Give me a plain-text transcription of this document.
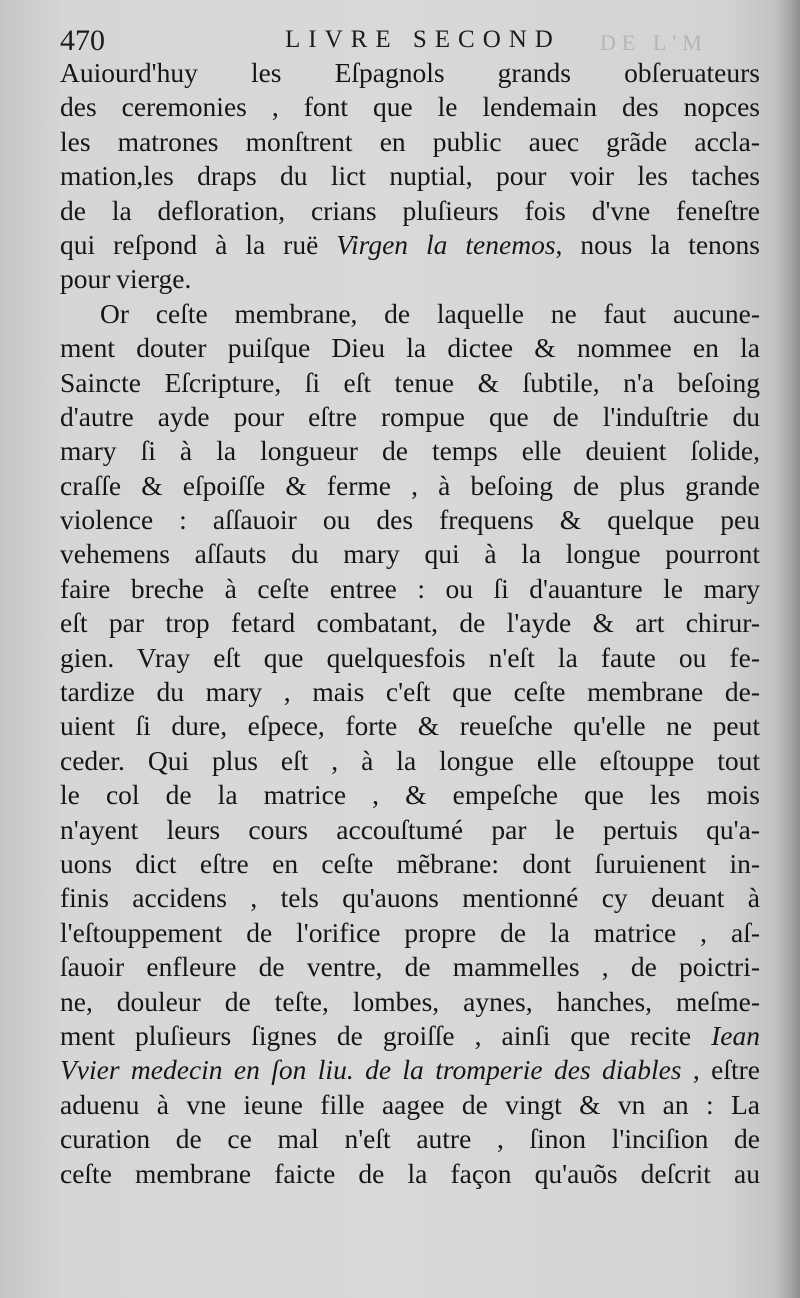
DE L'M
470	LIVRE SECOND
Auiourd'huy les Eſpagnols grands obſeruateurs
des ceremonies , font que le lendemain des nopces
les matrones monſtrent en public auec grãde accla-
mation,les draps du lict nuptial, pour voir les taches
de la defloration, crians pluſieurs fois d'vne feneſtre
qui reſpond à la ruë Virgen la tenemos, nous la tenons
pour vierge.
Or ceſte membrane, de laquelle ne faut aucune-
ment douter puiſque Dieu la dictee & nommee en la
Saincte Eſcripture, ſi eſt tenue & ſubtile, n'a beſoing
d'autre ayde pour eſtre rompue que de l'induſtrie du
mary ſi à la longueur de temps elle deuient ſolide,
craſſe & eſpoiſſe & ferme , à beſoing de plus grande
violence : aſſauoir ou des frequens & quelque peu
vehemens aſſauts du mary qui à la longue pourront
faire breche à ceſte entree : ou ſi d'auanture le mary
eſt par trop fetard combatant, de l'ayde & art chirur-
gien. Vray eſt que quelquesfois n'eſt la faute ou fe-
tardize du mary , mais c'eſt que ceſte membrane de-
uient ſi dure, eſpece, forte & reueſche qu'elle ne peut
ceder. Qui plus eſt , à la longue elle eſtouppe tout
le col de la matrice , & empeſche que les mois
n'ayent leurs cours accouſtumé par le pertuis qu'a-
uons dict eſtre en ceſte mẽbrane: dont ſuruienent in-
finis accidens , tels qu'auons mentionné cy deuant à
l'eſtouppement de l'orifice propre de la matrice , aſ-
ſauoir enfleure de ventre, de mammelles , de poictri-
ne, douleur de teſte, lombes, aynes, hanches, meſme-
ment pluſieurs ſignes de groiſſe , ainſi que recite Iean
Vvier medecin en ſon liu. de la tromperie des diables , eſtre
aduenu à vne ieune fille aagee de vingt & vn an : La
curation de ce mal n'eſt autre , ſinon l'inciſion de
ceſte membrane faicte de la façon qu'auõs deſcrit au
